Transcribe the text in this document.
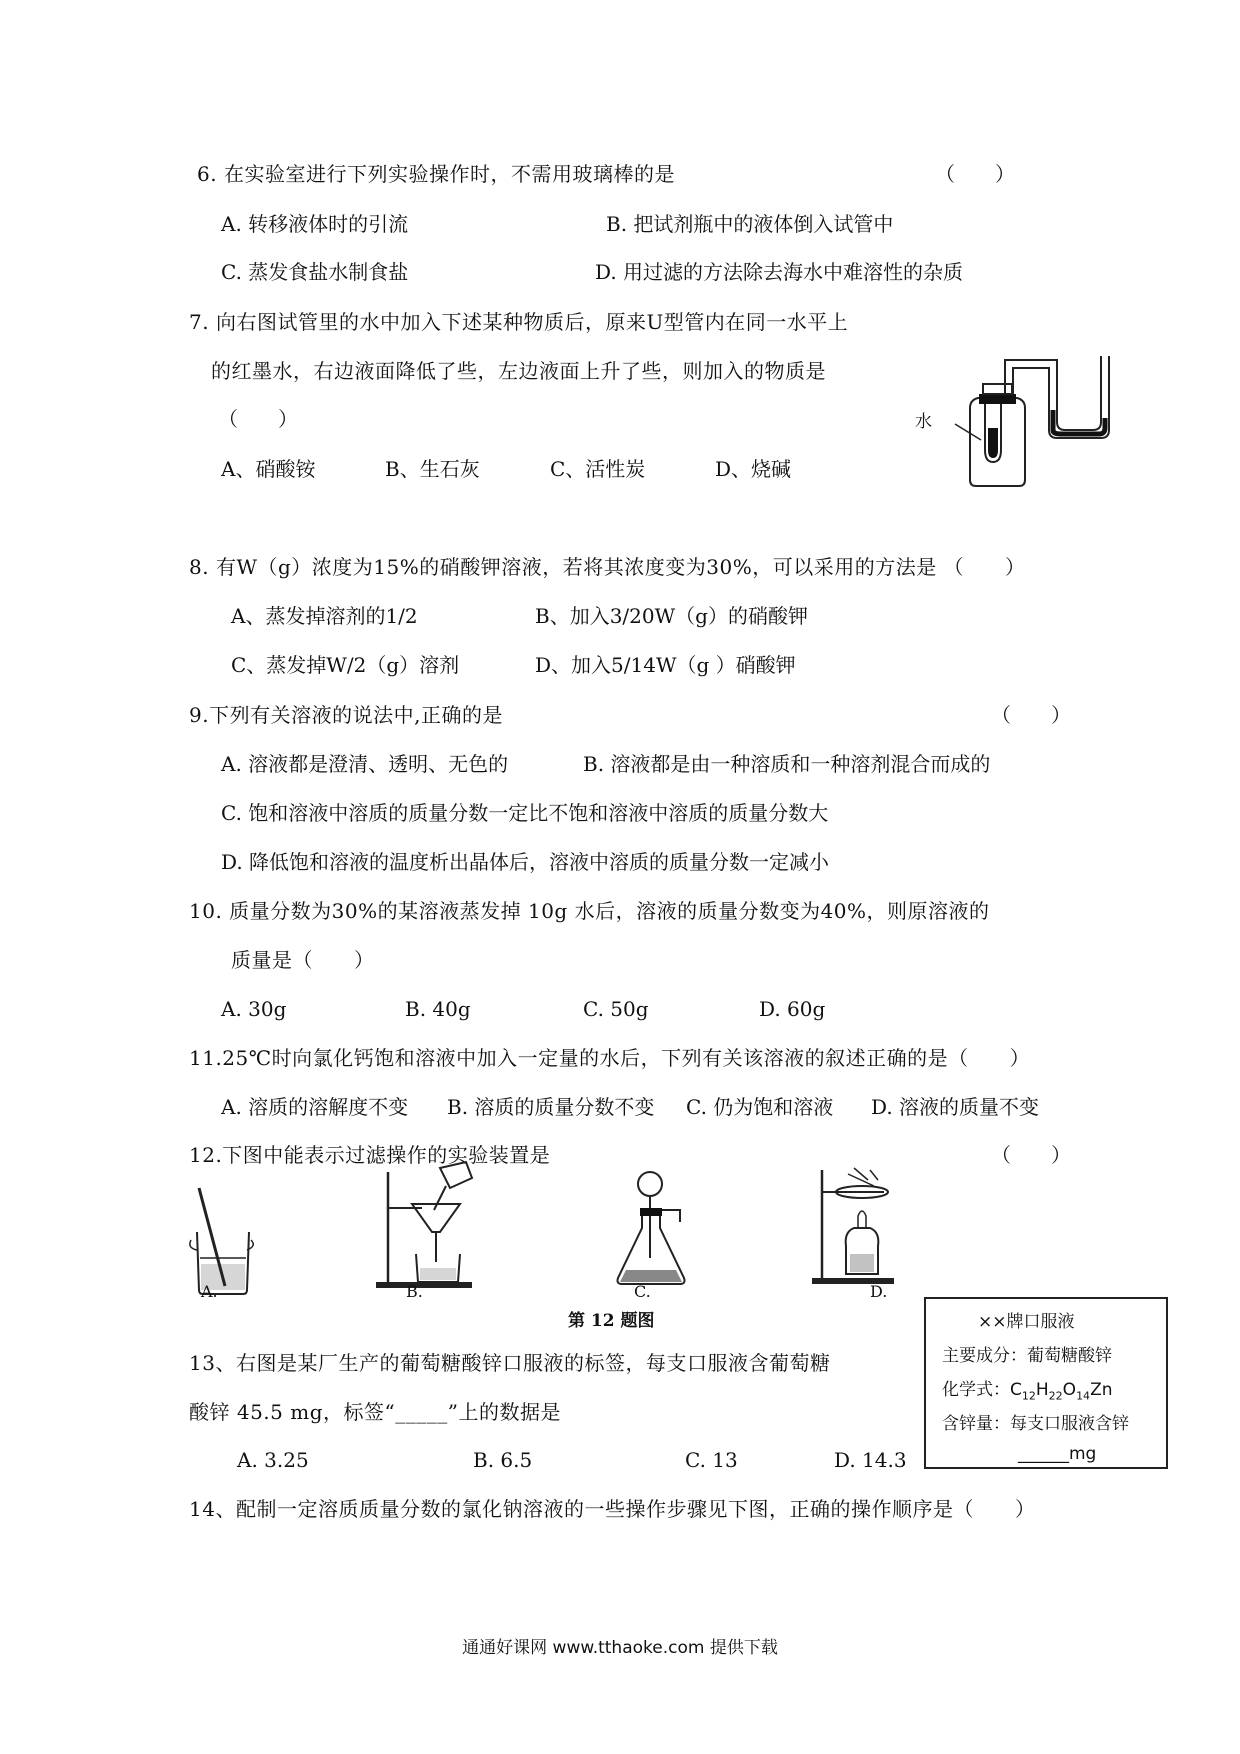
6. 在实验室进行下列实验操作时，不需用玻璃棒的是	（　　）
A. 转移液体时的引流	B. 把试剂瓶中的液体倒入试管中
C. 蒸发食盐水制食盐	D. 用过滤的方法除去海水中难溶性的杂质
7. 向右图试管里的水中加入下述某种物质后，原来U型管内在同一水平上
的红墨水，右边液面降低了些，左边液面上升了些，则加入的物质是
（　　）
A、硝酸铵	B、生石灰	C、活性炭	D、烧碱
水
8. 有W（g）浓度为15%的硝酸钾溶液，若将其浓度变为30%，可以采用的方法是 （　　）
A、蒸发掉溶剂的1/2	B、加入3/20W（g）的硝酸钾
C、蒸发掉W/2（g）溶剂	D、加入5/14W（g ）硝酸钾
9.下列有关溶液的说法中,正确的是	（　　）
A. 溶液都是澄清、透明、无色的	B. 溶液都是由一种溶质和一种溶剂混合而成的
C. 饱和溶液中溶质的质量分数一定比不饱和溶液中溶质的质量分数大
D. 降低饱和溶液的温度析出晶体后，溶液中溶质的质量分数一定减小
10. 质量分数为30%的某溶液蒸发掉 10g 水后，溶液的质量分数变为40%，则原溶液的
质量是（　　）
A. 30g	B. 40g	C. 50g	D. 60g
11.25℃时向氯化钙饱和溶液中加入一定量的水后，下列有关该溶液的叙述正确的是（　　）
A. 溶质的溶解度不变 B. 溶质的质量分数不变 C. 仍为饱和溶液 D. 溶液的质量不变
12.下图中能表示过滤操作的实验装置是	（　　）
A.	B.	C.	D.
第 12 题图
13、右图是某厂生产的葡萄糖酸锌口服液的标签，每支口服液含葡萄糖
酸锌 45.5 mg，标签“_____”上的数据是
A. 3.25	B. 6.5	C. 13	D. 14.3
××牌口服液
主要成分：葡萄糖酸锌
化学式：$C_{12}H_{22}O_{14}Zn$
含锌量：每支口服液含锌
______mg
14、配制一定溶质质量分数的氯化钠溶液的一些操作步骤见下图，正确的操作顺序是（　　）
通通好课网 www.tthaoke.com 提供下载
